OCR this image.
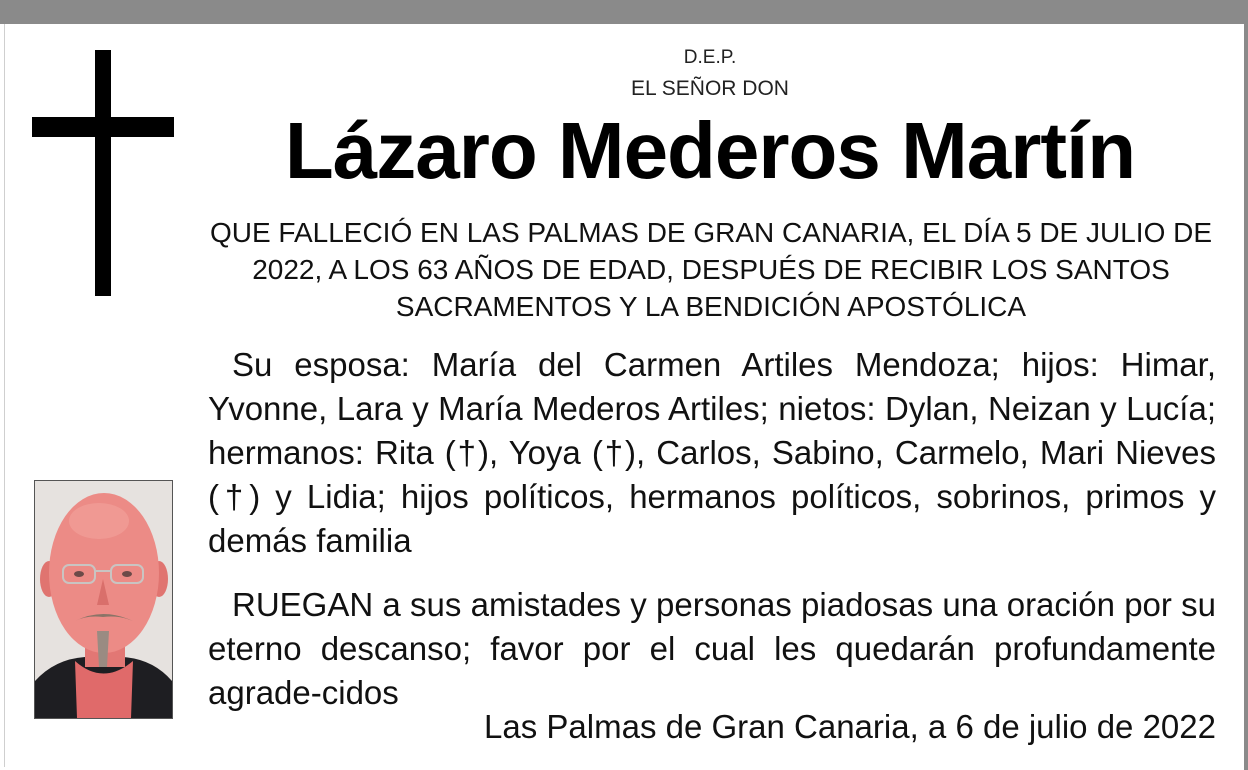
D.E.P.
EL SEÑOR DON
Lázaro Mederos Martín
QUE FALLECIÓ EN LAS PALMAS DE GRAN CANARIA, EL DÍA 5 DE JULIO DE 2022, A LOS 63 AÑOS DE EDAD, DESPUÉS DE RECIBIR LOS SANTOS SACRAMENTOS Y LA BENDICIÓN APOSTÓLICA
Su esposa: María del Carmen Artiles Mendoza; hijos: Himar, Yvonne, Lara y María Mederos Artiles; nietos: Dylan, Neizan y Lucía; hermanos: Rita (†), Yoya (†), Carlos, Sabino, Carmelo, Mari Nieves (†) y Lidia; hijos políticos, hermanos políticos, sobrinos, primos y demás familia
RUEGAN a sus amistades y personas piadosas una oración por su eterno descanso; favor por el cual les quedarán profundamente agrade-cidos
Las Palmas de Gran Canaria, a 6 de julio de 2022
